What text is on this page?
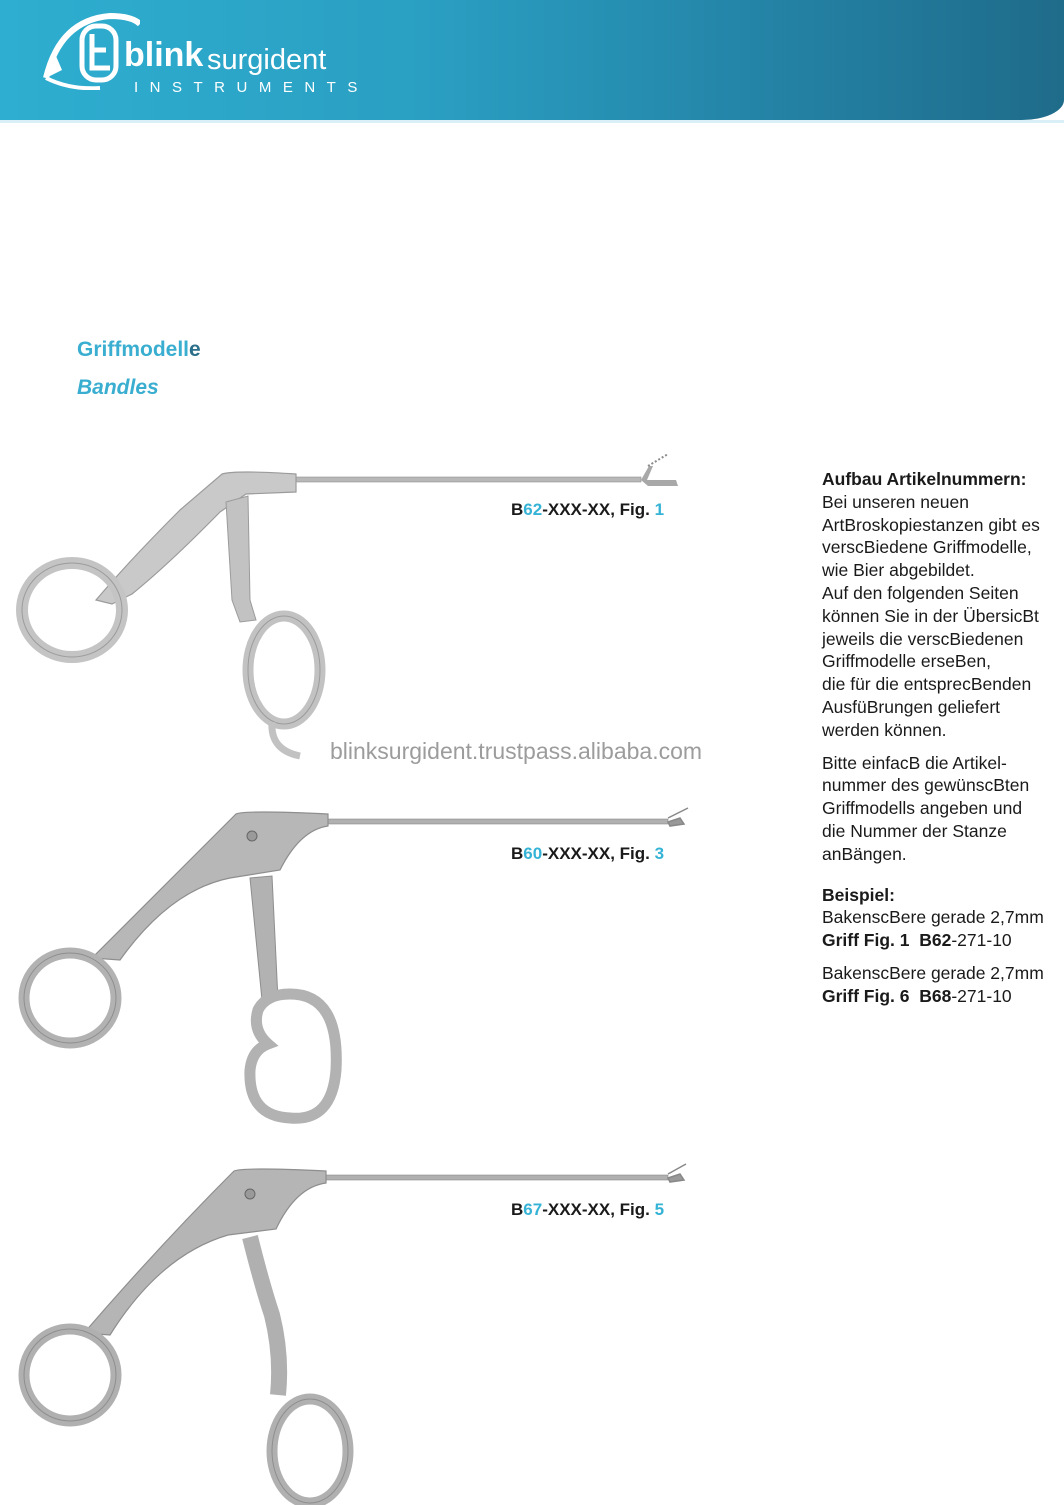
blink surgident
INSTRUMENTS
Griffmodelle
Bandles
B62-XXX-XX, Fig. 1
blinksurgident.trustpass.alibaba.com
B60-XXX-XX, Fig. 3
B67-XXX-XX, Fig. 5

Aufbau Artikelnummern:

Bei unseren neuen

ArtBroskopiestanzen gibt es

verscBiedene Griffmodelle,

wie Bier abgebildet.

Auf den folgenden Seiten

können Sie in der ÜbersicBt

jeweils die verscBiedenen

Griffmodelle erseBen,

die für die entsprecBenden

AusfüBrungen geliefert

werden können.

Bitte einfacB die Artikel-

nummer des gewünscBten

Griffmodells angeben und

die Nummer der Stanze

anBängen.

Beispiel:

BakenscBere gerade 2,7mm

Griff Fig. 1 B62-271-10

BakenscBere gerade 2,7mm

Griff Fig. 6 B68-271-10
